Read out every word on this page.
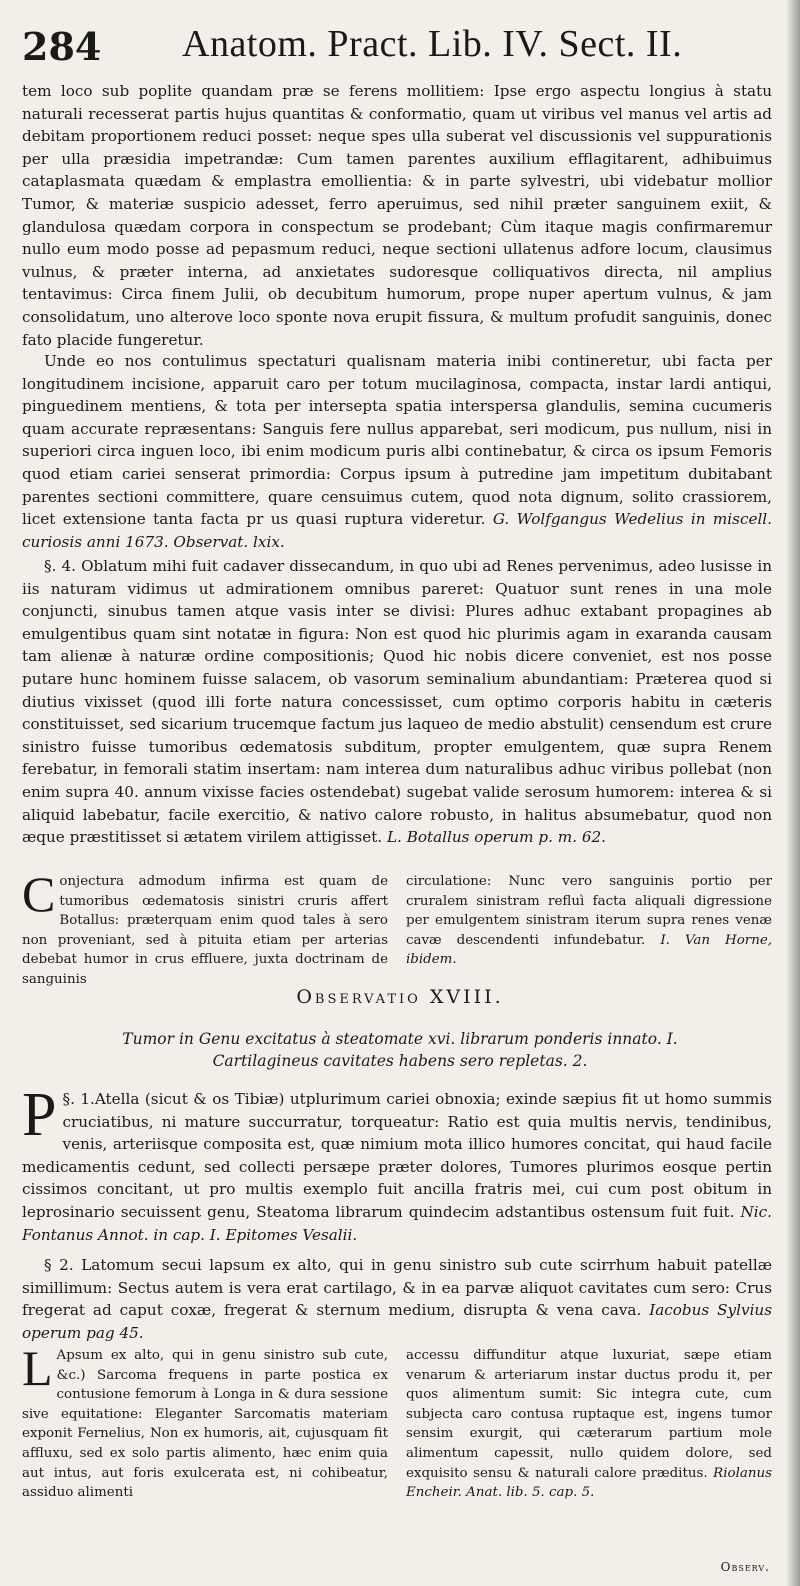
284 Anatom. Pract. Lib. IV. Sect. II.

tem loco sub poplite quandam præ se ferens mollitiem: Ipse ergo aspectu longius à statu naturali recesserat partis hujus quantitas & conformatio, quam ut viribus vel manus vel artis ad debitam proportionem reduci posset: neque spes ulla suberat vel discussionis vel suppurationis per ulla præsidia impetrandæ: Cum tamen parentes auxilium efflagitarent, adhibuimus cataplasmata quædam & emplastra emollientia: & in parte sylvestri, ubi videbatur mollior Tumor, & materiæ suspicio adesset, ferro aperuimus, sed nihil præter sanguinem exiit, & glandulosa quædam corpora in conspectum se prodebant; Cùm itaque magis confirmaremur nullo eum modo posse ad pepasmum reduci, neque sectioni ullatenus adfore locum, clausimus vulnus, & præter interna, ad anxietates sudoresque colliquativos directa, nil amplius tentavimus: Circa finem Julii, ob decubitum humorum, prope nuper apertum vulnus, & jam consolidatum, uno alterove loco sponte nova erupit fissura, & multum profudit sanguinis, donec fato placide fungeretur.

Unde eo nos contulimus spectaturi qualisnam materia inibi contineretur, ubi facta per longitudinem incisione, apparuit caro per totum mucilaginosa, compacta, instar lardi antiqui, pinguedinem mentiens, & tota per intersepta spatia interspersa glandulis, semina cucumeris quam accurate repræsentans: Sanguis fere nullus apparebat, seri modicum, pus nullum, nisi in superiori circa inguen loco, ibi enim modicum puris albi continebatur, & circa os ipsum Femoris quod etiam cariei senserat primordia: Corpus ipsum à putredine jam impetitum dubitabant parentes sectioni committere, quare censuimus cutem, quod nota dignum, solito crassiorem, licet extensione tanta facta pr us quasi ruptura videretur. G. Wolfgangus Wedelius in miscell. curiosis anni 1673. Observat. lxix.

§. 4. Oblatum mihi fuit cadaver dissecandum, in quo ubi ad Renes pervenimus, adeo lusisse in iis naturam vidimus ut admirationem omnibus pareret: Quatuor sunt renes in una mole conjuncti, sinubus tamen atque vasis inter se divisi: Plures adhuc extabant propagines ab emulgentibus quam sint notatæ in figura: Non est quod hic plurimis agam in exaranda causam tam alienæ à naturæ ordine compositionis; Quod hic nobis dicere conveniet, est nos posse putare hunc hominem fuisse salacem, ob vasorum seminalium abundantiam: Præterea quod si diutius vixisset (quod illi forte natura concessisset, cum optimo corporis habitu in cæteris constituisset, sed sicarium trucemque factum jus laqueo de medio abstulit) censendum est crure sinistro fuisse tumoribus œdematosis subditum, propter emulgentem, quæ supra Renem ferebatur, in femorali statim insertam: nam interea dum naturalibus adhuc viribus pollebat (non enim supra 40. annum vixisse facies ostendebat) sugebat valide serosum humorem: interea & si aliquid labebatur, facile exercitio, & nativo calore robusto, in halitus absumebatur, quod non æque præstitisset si ætatem virilem attigisset. L. Botallus operum p. m. 62.

Conjectura admodum infirma est quam de tumoribus œdematosis sinistri cruris affert Botallus: præterquam enim quod tales à sero non proveniant, sed à pituita etiam per arterias debebat humor in crus effluere, juxta doctrinam de sanguinis

circulatione: Nunc vero sanguinis portio per cruralem sinistram refluì facta aliquali digressione per emulgentem sinistram iterum supra renes venæ cavæ descendenti infundebatur. I. Van Horne, ibidem.

Observatio XVIII.
Tumor in Genu excitatus à steatomate xvi. librarum ponderis innato. I.
Cartilagineus cavitates habens sero repletas. 2.

§. 1.
P	Atella (sicut & os Tibiæ) utplurimum cariei obnoxia; exinde sæpius fit ut homo summis cruciatibus, ni mature succurratur, torqueatur: Ratio est quia multis nervis, tendinibus, venis, arteriisque composita est, quæ nimium mota illico humores concitat, qui haud facile medicamentis cedunt, sed collecti persæpe præter dolores, Tumores plurimos eosque pertin cissimos concitant, ut pro multis exemplo fuit ancilla fratris mei, cui cum post obitum in leprosinario secuissent genu, Steatoma librarum quindecim adstantibus ostensum fuit fuit. Nic. Fontanus Annot. in cap. I. Epitomes Vesalii.

§ 2. Latomum secui lapsum ex alto, qui in genu sinistro sub cute scirrhum habuit patellæ simillimum: Sectus autem is vera erat cartilago, & in ea parvæ aliquot cavitates cum sero: Crus fregerat ad caput coxæ, fregerat & sternum medium, disrupta & vena cava. Iacobus Sylvius operum pag 45.

L Apsum ex alto, qui in genu sinistro sub cute, &c.) Sarcoma frequens in parte postica ex contusione femorum à Longa in & dura sessione sive equitatione: Eleganter Sarcomatis materiam exponit Fernelius, Non ex humoris, ait, cujusquam fit affluxu, sed ex solo partis alimento, hæc enim quia aut intus, aut foris exulcerata est, ni cohibeatur, assiduo alimenti

accessu diffunditur atque luxuriat, sæpe etiam venarum & arteriarum instar ductus produ it, per quos alimentum sumit: Sic integra cute, cum subjecta caro contusa ruptaque est, ingens tumor sensim exurgit, qui cæterarum partium mole alimentum capessit, nullo quidem dolore, sed exquisito sensu & naturali calore præditus. Riolanus Encheir. Anat. lib. 5. cap. 5.

Observ.
